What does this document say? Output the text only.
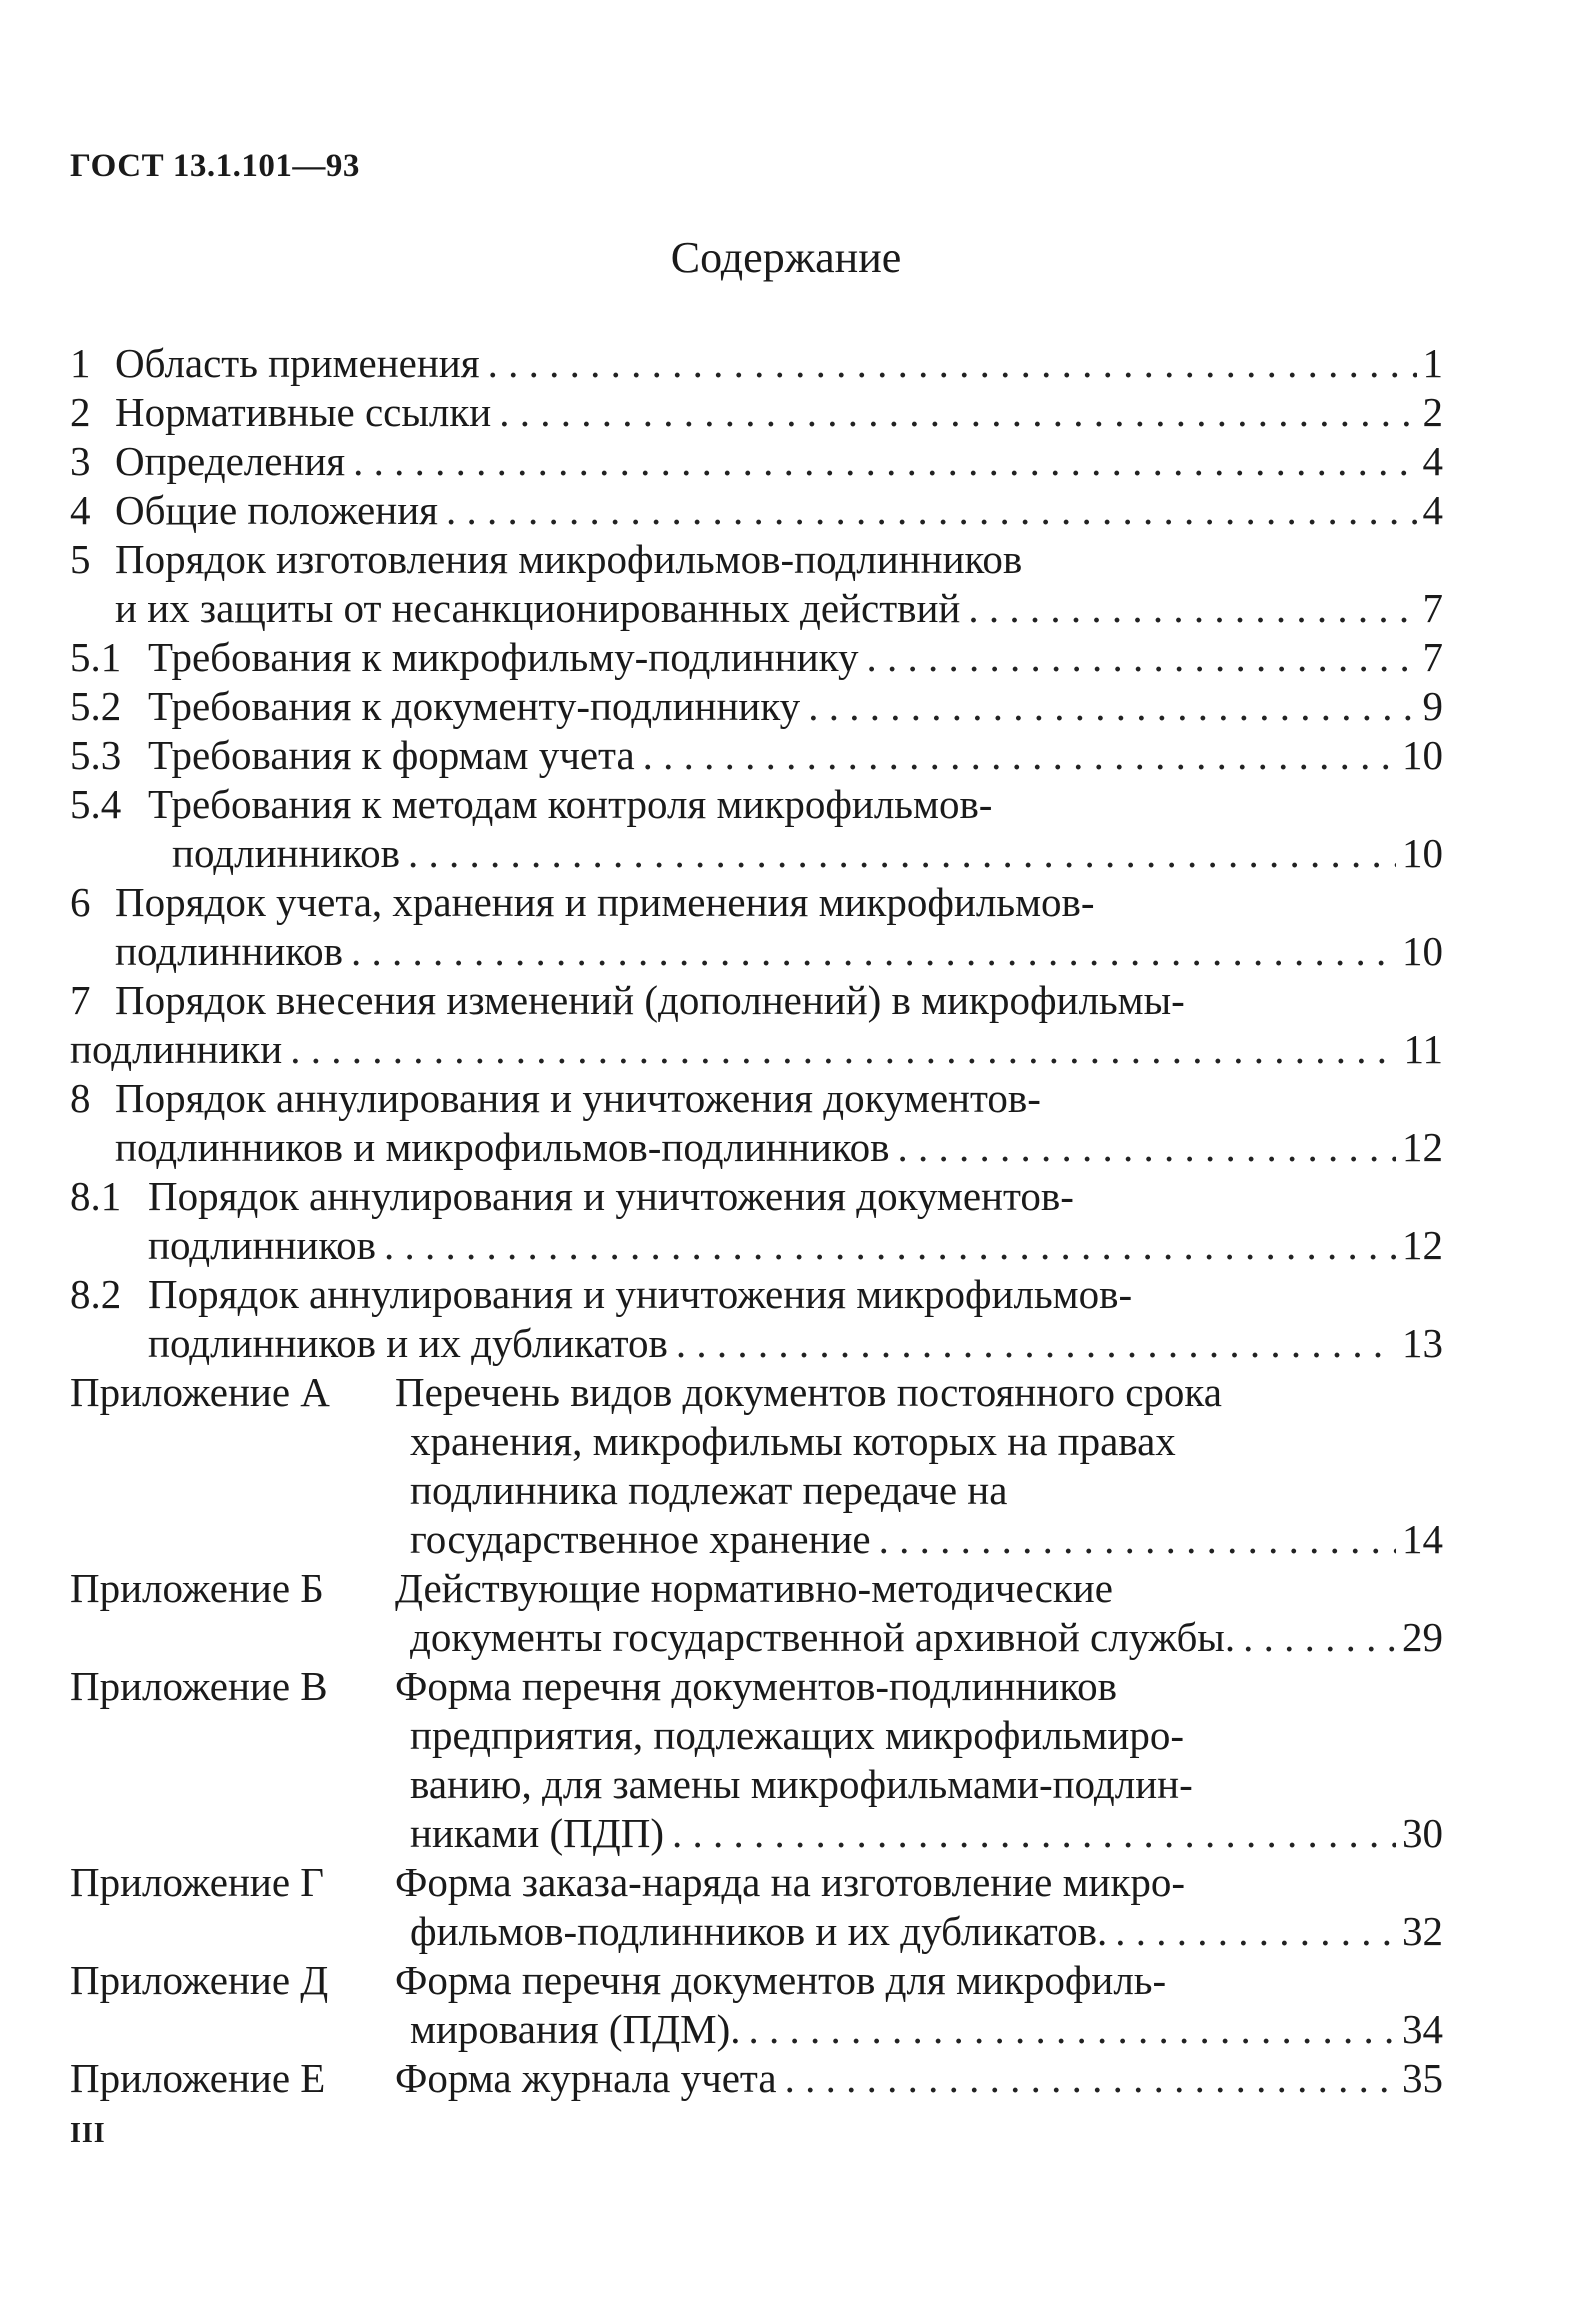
ГОСТ 13.1.101—93
Содержание
1 Область применения . . .	1
2 Нормативные ссылки . . .	2
3 Определения . . .	4
4 Общие положения . . .	4
5 Порядок изготовления микрофильмов-подлинников
и их защиты от несанкционированных действий . . .	7
5.1 Требования к микрофильму-подлиннику . . .	7
5.2 Требования к документу-подлиннику . . .	9
5.3 Требования к формам учета . . .	10
5.4 Требования к методам контроля микрофильмов-
подлинников . . .	10
6 Порядок учета, хранения и применения микрофильмов-
подлинников . . .	10
7 Порядок внесения изменений (дополнений) в микрофильмы-
подлинники . . .	11
8 Порядок аннулирования и уничтожения документов-
подлинников и микрофильмов-подлинников . . .	12
8.1 Порядок аннулирования и уничтожения документов-
подлинников . . .	12
8.2 Порядок аннулирования и уничтожения микрофильмов-
подлинников и их дубликатов . . .	13
Приложение А Перечень видов документов постоянного срока
хранения, микрофильмы которых на правах
подлинника подлежат передаче на
государственное хранение . . .	14
Приложение Б Действующие нормативно-методические
документы государственной архивной службы. . . .	29
Приложение В Форма перечня документов-подлинников
предприятия, подлежащих микрофильмиро-
ванию, для замены микрофильмами-подлин-
никами (ПДП) . . .	30
Приложение Г Форма заказа-наряда на изготовление микро-
фильмов-подлинников и их дубликатов. . . .	32
Приложение Д Форма перечня документов для микрофиль-
мирования (ПДМ). . . .	34
Приложение Е Форма журнала учета . . .	35
III
